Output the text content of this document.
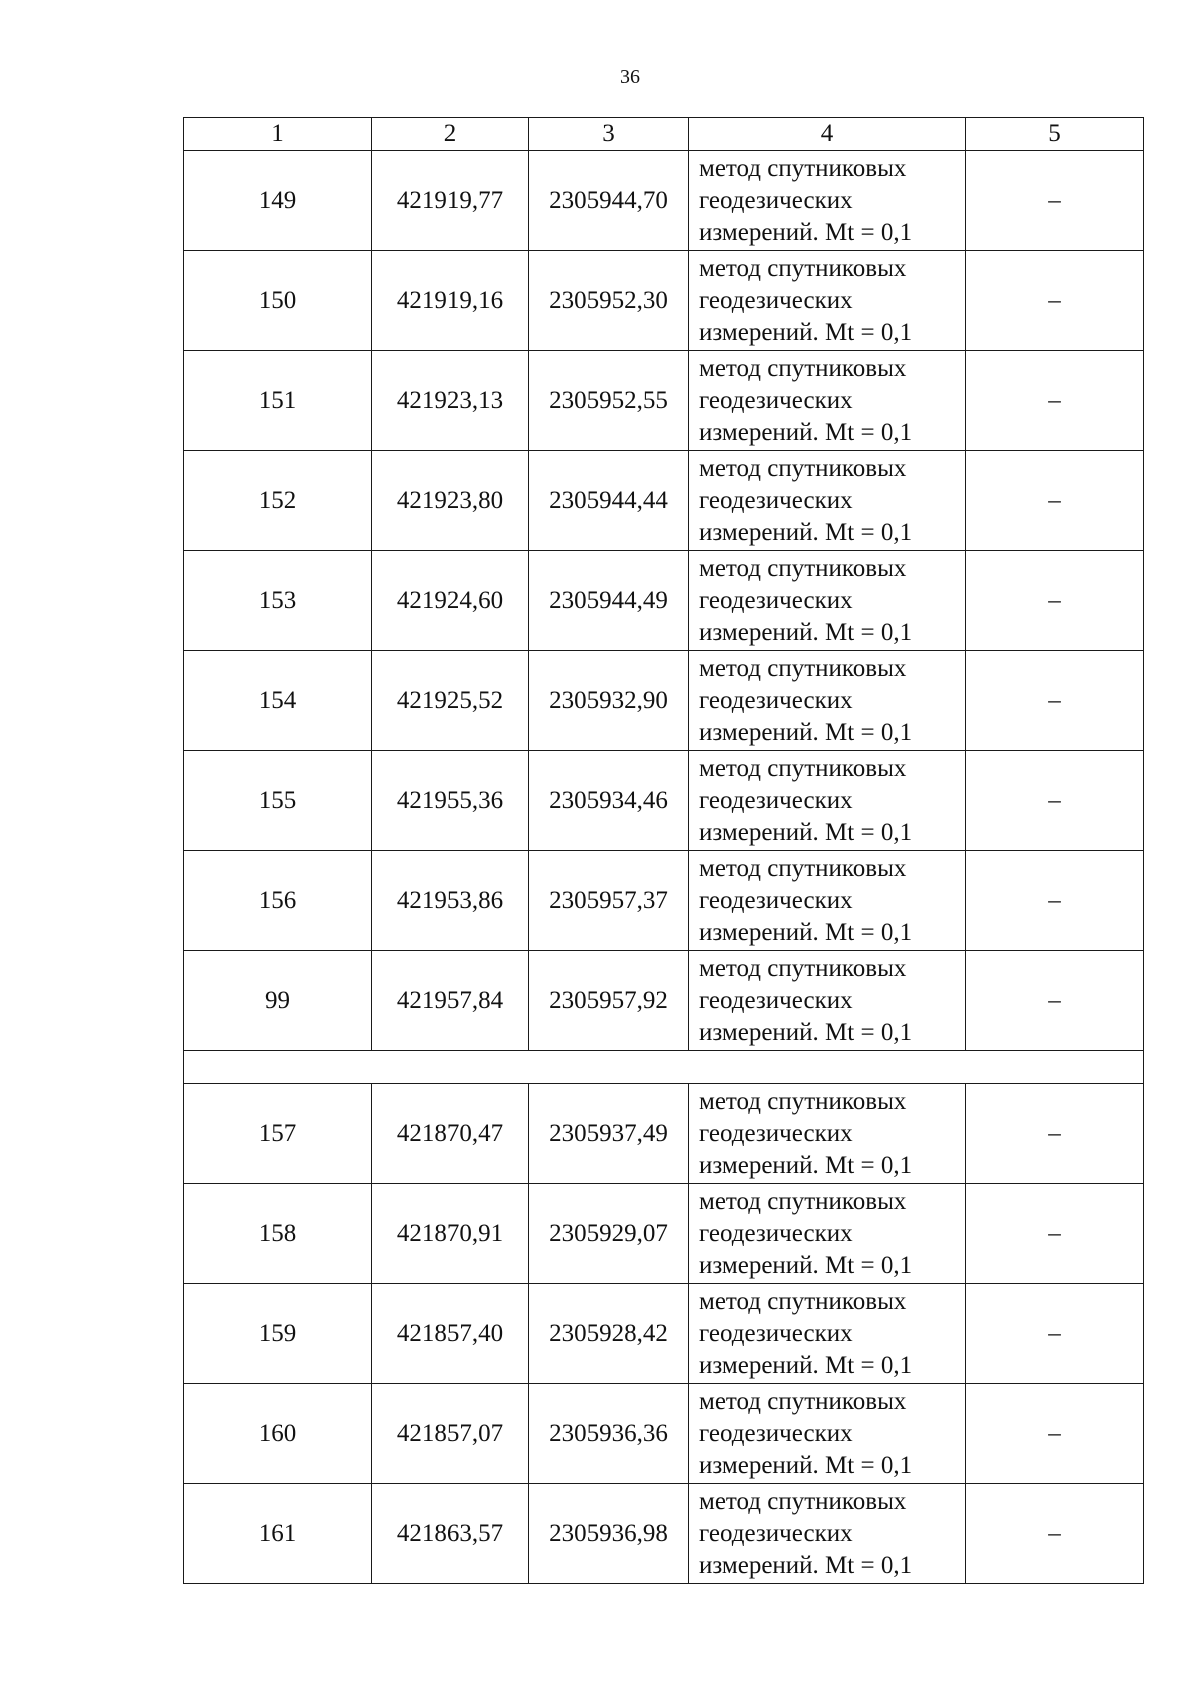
36
1	2	3	4	5
149	421919,77	2305944,70	метод спутниковых
геодезических
измерений. Mt = 0,1	–
150	421919,16	2305952,30	метод спутниковых
геодезических
измерений. Mt = 0,1	–
151	421923,13	2305952,55	метод спутниковых
геодезических
измерений. Mt = 0,1	–
152	421923,80	2305944,44	метод спутниковых
геодезических
измерений. Mt = 0,1	–
153	421924,60	2305944,49	метод спутниковых
геодезических
измерений. Mt = 0,1	–
154	421925,52	2305932,90	метод спутниковых
геодезических
измерений. Mt = 0,1	–
155	421955,36	2305934,46	метод спутниковых
геодезических
измерений. Mt = 0,1	–
156	421953,86	2305957,37	метод спутниковых
геодезических
измерений. Mt = 0,1	–
99	421957,84	2305957,92	метод спутниковых
геодезических
измерений. Mt = 0,1	–

157	421870,47	2305937,49	метод спутниковых
геодезических
измерений. Mt = 0,1	–
158	421870,91	2305929,07	метод спутниковых
геодезических
измерений. Mt = 0,1	–
159	421857,40	2305928,42	метод спутниковых
геодезических
измерений. Mt = 0,1	–
160	421857,07	2305936,36	метод спутниковых
геодезических
измерений. Mt = 0,1	–
161	421863,57	2305936,98	метод спутниковых
геодезических
измерений. Mt = 0,1	–
